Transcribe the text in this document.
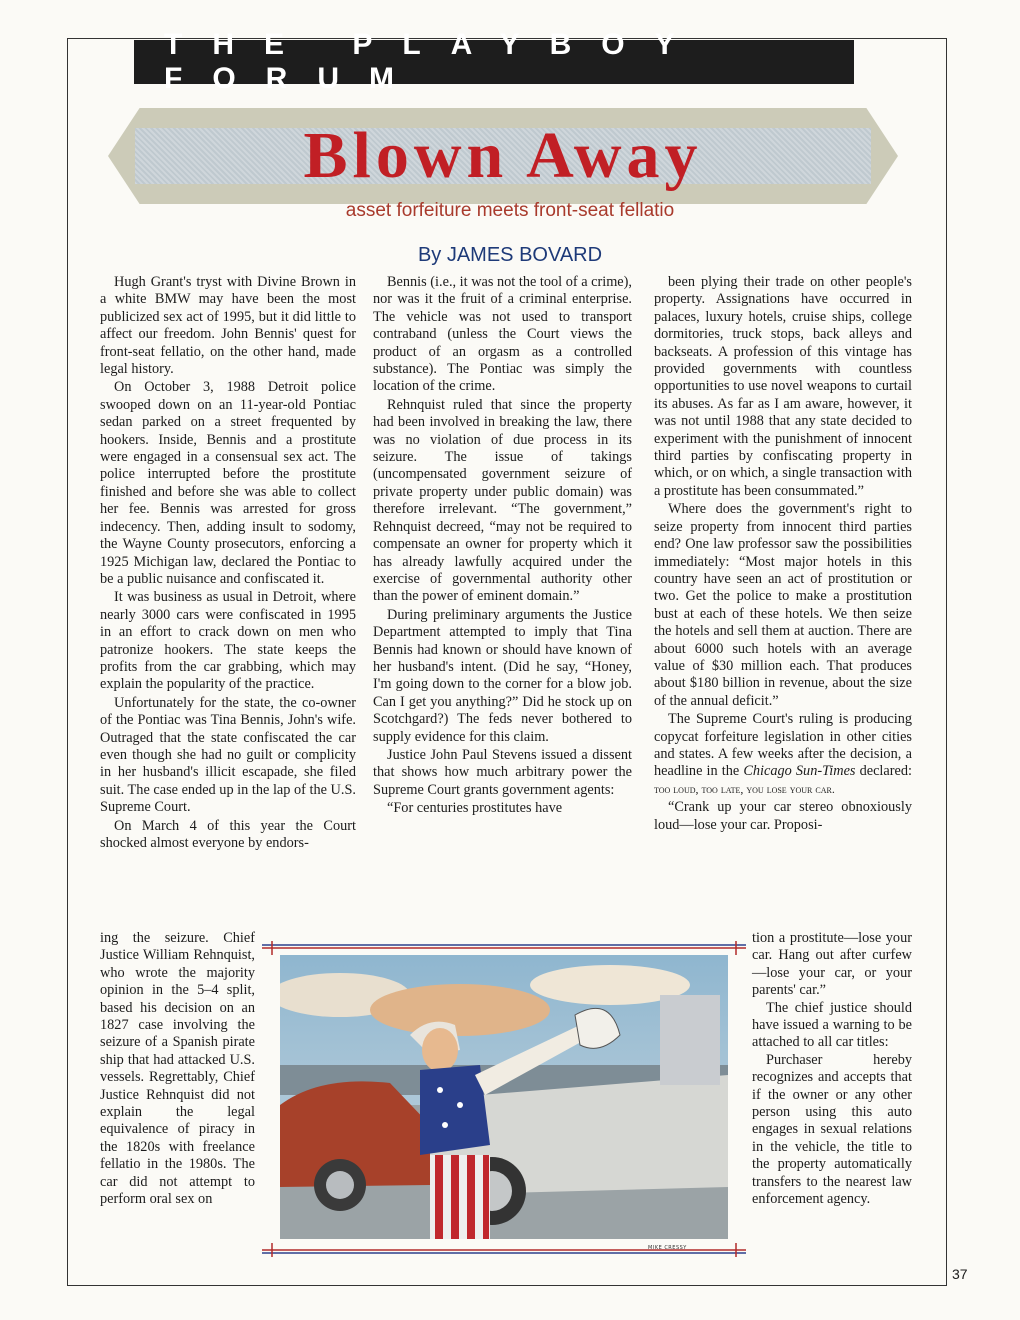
THE PLAYBOY FORUM
Blown Away
asset forfeiture meets front-seat fellatio
By JAMES BOVARD

Hugh Grant's tryst with Divine Brown in a white BMW may have been the most publicized sex act of 1995, but it did little to affect our freedom. John Bennis' quest for front-seat fellatio, on the other hand, made legal history.

On October 3, 1988 Detroit police swooped down on an 11-year-old Pontiac sedan parked on a street frequented by hookers. Inside, Bennis and a prostitute were engaged in a consensual sex act. The police interrupted before the prostitute finished and before she was able to collect her fee. Bennis was arrested for gross indecency. Then, adding insult to sodomy, the Wayne County prosecutors, enforcing a 1925 Michigan law, declared the Pontiac to be a public nuisance and confiscated it.

It was business as usual in Detroit, where nearly 3000 cars were confiscated in 1995 in an effort to crack down on men who patronize hookers. The state keeps the profits from the car grabbing, which may explain the popularity of the practice.

Unfortunately for the state, the co-owner of the Pontiac was Tina Bennis, John's wife. Outraged that the state confiscated the car even though she had no guilt or complicity in her husband's illicit escapade, she filed suit. The case ended up in the lap of the U.S. Supreme Court.

On March 4 of this year the Court shocked almost everyone by endors-

Bennis (i.e., it was not the tool of a crime), nor was it the fruit of a criminal enterprise. The vehicle was not used to transport contraband (unless the Court views the product of an orgasm as a controlled substance). The Pontiac was simply the location of the crime.

Rehnquist ruled that since the property had been involved in breaking the law, there was no violation of due process in its seizure. The issue of takings (uncompensated government seizure of private property under public domain) was therefore irrelevant. “The government,” Rehnquist decreed, “may not be required to compensate an owner for property which it has already lawfully acquired under the exercise of governmental authority other than the power of eminent domain.”

During preliminary arguments the Justice Department attempted to imply that Tina Bennis had known or should have known of her husband's intent. (Did he say, “Honey, I'm going down to the corner for a blow job. Can I get you anything?” Did he stock up on Scotchgard?) The feds never bothered to supply evidence for this claim.

Justice John Paul Stevens issued a dissent that shows how much arbitrary power the Supreme Court grants government agents:

“For centuries prostitutes have

been plying their trade on other people's property. Assignations have occurred in palaces, luxury hotels, cruise ships, college dormitories, truck stops, back alleys and backseats. A profession of this vintage has provided governments with countless opportunities to use novel weapons to curtail its abuses. As far as I am aware, however, it was not until 1988 that any state decided to experiment with the punishment of innocent third parties by confiscating property in which, or on which, a single transaction with a prostitute has been consummated.”

Where does the government's right to seize property from innocent third parties end? One law professor saw the possibilities immediately: “Most major hotels in this country have seen an act of prostitution or two. Get the police to make a prostitution bust at each of these hotels. We then seize the hotels and sell them at auction. There are about 6000 such hotels with an average value of $30 million each. That produces about $180 billion in revenue, about the size of the annual deficit.”

The Supreme Court's ruling is producing copycat forfeiture legislation in other cities and states. A few weeks after the decision, a headline in the Chicago Sun-Times declared: too loud, too late, you lose your car.

“Crank up your car stereo obnoxiously loud—lose your car. Proposi-

ing the seizure. Chief Justice William Rehnquist, who wrote the majority opinion in the 5–4 split, based his decision on an 1827 case involving the seizure of a Spanish pirate ship that had attacked U.S. vessels. Regrettably, Chief Justice Rehnquist did not explain the legal equivalence of piracy in the 1820s with freelance fellatio in the 1980s. The car did not attempt to perform oral sex on

tion a prostitute—lose your car. Hang out after curfew—lose your car, or your parents' car.”

The chief justice should have issued a warning to be attached to all car titles:

Purchaser hereby recognizes and accepts that if the owner or any other person using this auto engages in sexual relations in the vehicle, the title to the property automatically transfers to the nearest law enforcement agency.

MIKE CRESSY
37
